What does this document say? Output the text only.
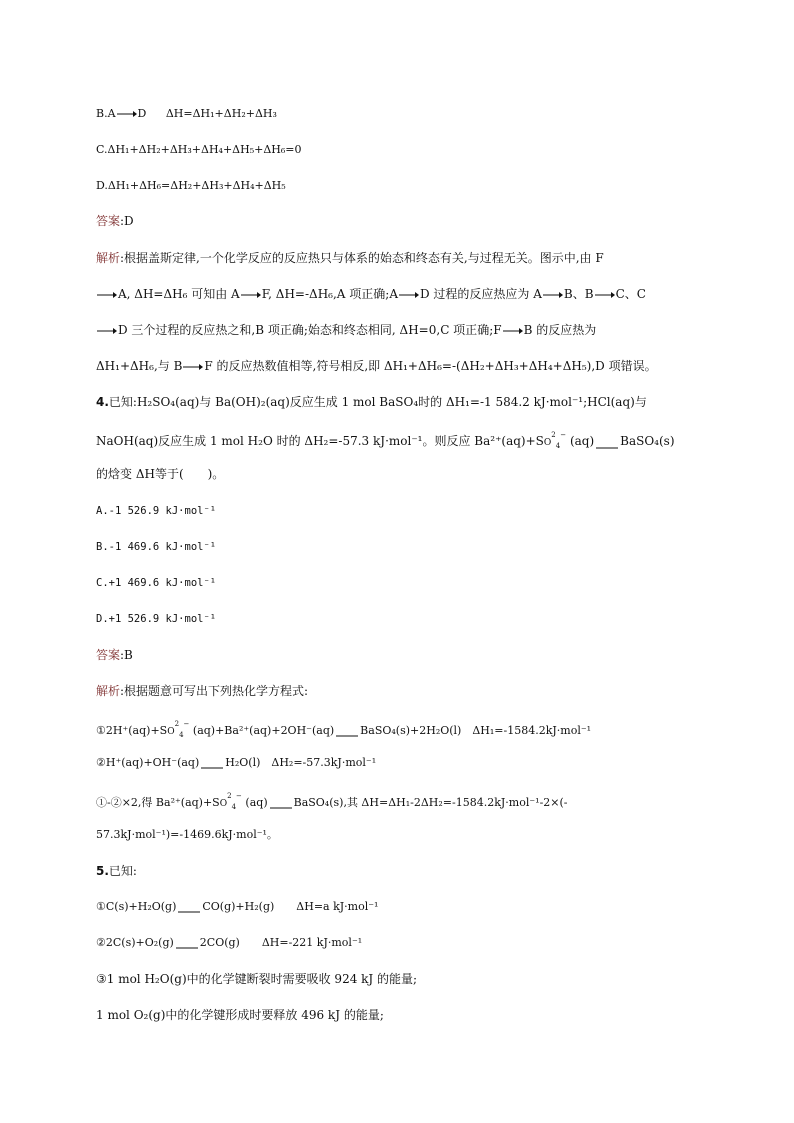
B.A→D ΔH=ΔH₁+ΔH₂+ΔH₃
C.ΔH₁+ΔH₂+ΔH₃+ΔH₄+ΔH₅+ΔH₆=0
D.ΔH₁+ΔH₆=ΔH₂+ΔH₃+ΔH₄+ΔH₅
答案:D
解析:根据盖斯定律,一个化学反应的反应热只与体系的始态和终态有关,与过程无关。图示中,由 F
→A, ΔH=ΔH₆ 可知由 A→F, ΔH=-ΔH₆,A 项正确;A→D 过程的反应热应为 A→B、B→C、C
→D 三个过程的反应热之和,B 项正确;始态和终态相同, ΔH=0,C 项正确;F→B 的反应热为
ΔH₁+ΔH₆,与 B→F 的反应热数值相等,符号相反,即 ΔH₁+ΔH₆=-(ΔH₂+ΔH₃+ΔH₄+ΔH₅),D 项错误。
4.已知:H₂SO₄(aq)与 Ba(OH)₂(aq)反应生成 1 mol BaSO₄时的 ΔH₁=-1 584.2 kJ·mol⁻¹;HCl(aq)与
NaOH(aq)反应生成 1 mol H₂O 时的 ΔH₂=-57.3 kJ·mol⁻¹。则反应 $Ba^{2+}(aq)+SO^2_4^-$ (aq) BaSO₄(s)
的焓变 ΔH等于(　　)。
A.-1 526.9 kJ·mol⁻¹
B.-1 469.6 kJ·mol⁻¹
C.+1 469.6 kJ·mol⁻¹
D.+1 526.9 kJ·mol⁻¹
答案:B
解析:根据题意可写出下列热化学方程式:
$①2H^+(aq)+SO^2_4^-$ (aq)+Ba²⁺(aq)+2OH⁻(aq) BaSO₄(s)+2H₂O(l)　ΔH₁=-1584.2kJ·mol⁻¹
②H⁺(aq)+OH⁻(aq) H₂O(l)　ΔH₂=-57.3kJ·mol⁻¹
①-②×2,得 $Ba^{2+}(aq)+SO^2_4^-$ (aq) BaSO₄(s),其 ΔH=ΔH₁-2ΔH₂=-1584.2kJ·mol⁻¹-2×(-
57.3kJ·mol⁻¹)=-1469.6kJ·mol⁻¹。
5.已知:
①C(s)+H₂O(g) CO(g)+H₂(g)　　ΔH=a kJ·mol⁻¹
②2C(s)+O₂(g) 2CO(g)　　ΔH=-221 kJ·mol⁻¹
③1 mol H₂O(g)中的化学键断裂时需要吸收 924 kJ 的能量;
1 mol O₂(g)中的化学键形成时要释放 496 kJ 的能量;
